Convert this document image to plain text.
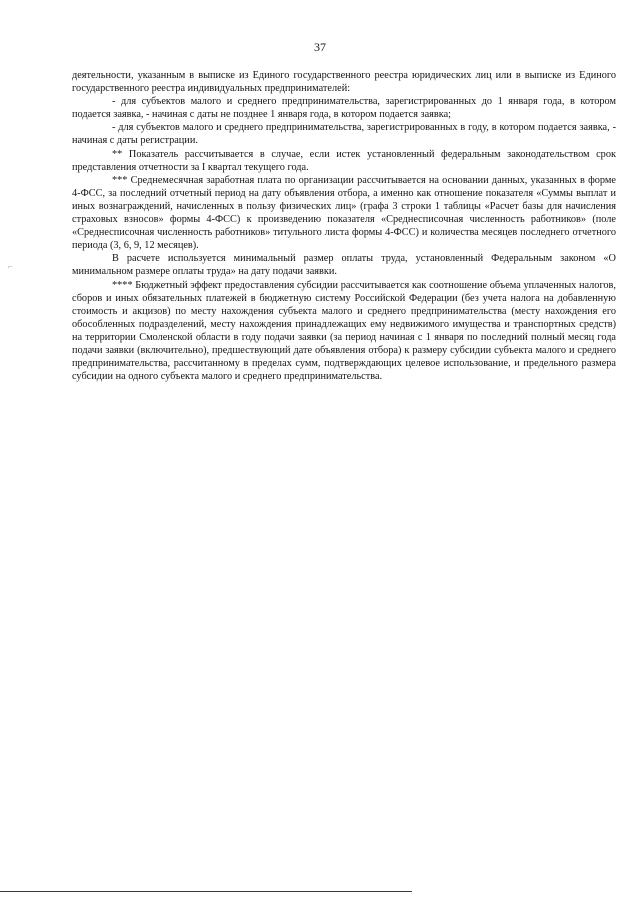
37
⌐

деятельности, указанным в выписке из Единого государственного реестра юридических лиц или в выписке из Единого государственного реестра индивидуальных предпринимателей:

- для субъектов малого и среднего предпринимательства, зарегистрированных до 1 января года, в котором подается заявка, - начиная с даты не позднее 1 января года, в котором подается заявка;

- для субъектов малого и среднего предпринимательства, зарегистрированных в году, в котором подается заявка, - начиная с даты регистрации.

** Показатель рассчитывается в случае, если истек установленный федеральным законодательством срок представления отчетности за I квартал текущего года.

*** Среднемесячная заработная плата по организации рассчитывается на основании данных, указанных в форме 4-ФСС, за последний отчетный период на дату объявления отбора, а именно как отношение показателя «Суммы выплат и иных вознаграждений, начисленных в пользу физических лиц» (графа 3 строки 1 таблицы «Расчет базы для начисления страховых взносов» формы 4-ФСС) к произведению показателя «Среднесписочная численность работников» (поле «Среднесписочная численность работников» титульного листа формы 4-ФСС) и количества месяцев последнего отчетного периода (3, 6, 9, 12 месяцев).

В расчете используется минимальный размер оплаты труда, установленный Федеральным законом «О минимальном размере оплаты труда» на дату подачи заявки.

**** Бюджетный эффект предоставления субсидии рассчитывается как соотношение объема уплаченных налогов, сборов и иных обязательных платежей в бюджетную систему Российской Федерации (без учета налога на добавленную стоимость и акцизов) по месту нахождения субъекта малого и среднего предпринимательства (месту нахождения его обособленных подразделений, месту нахождения принадлежащих ему недвижимого имущества и транспортных средств) на территории Смоленской области в году подачи заявки (за период начиная с 1 января по последний полный месяц года подачи заявки (включительно), предшествующий дате объявления отбора) к размеру субсидии субъекта малого и среднего предпринимательства, рассчитанному в пределах сумм, подтверждающих целевое использование, и предельного размера субсидии на одного субъекта малого и среднего предпринимательства.
